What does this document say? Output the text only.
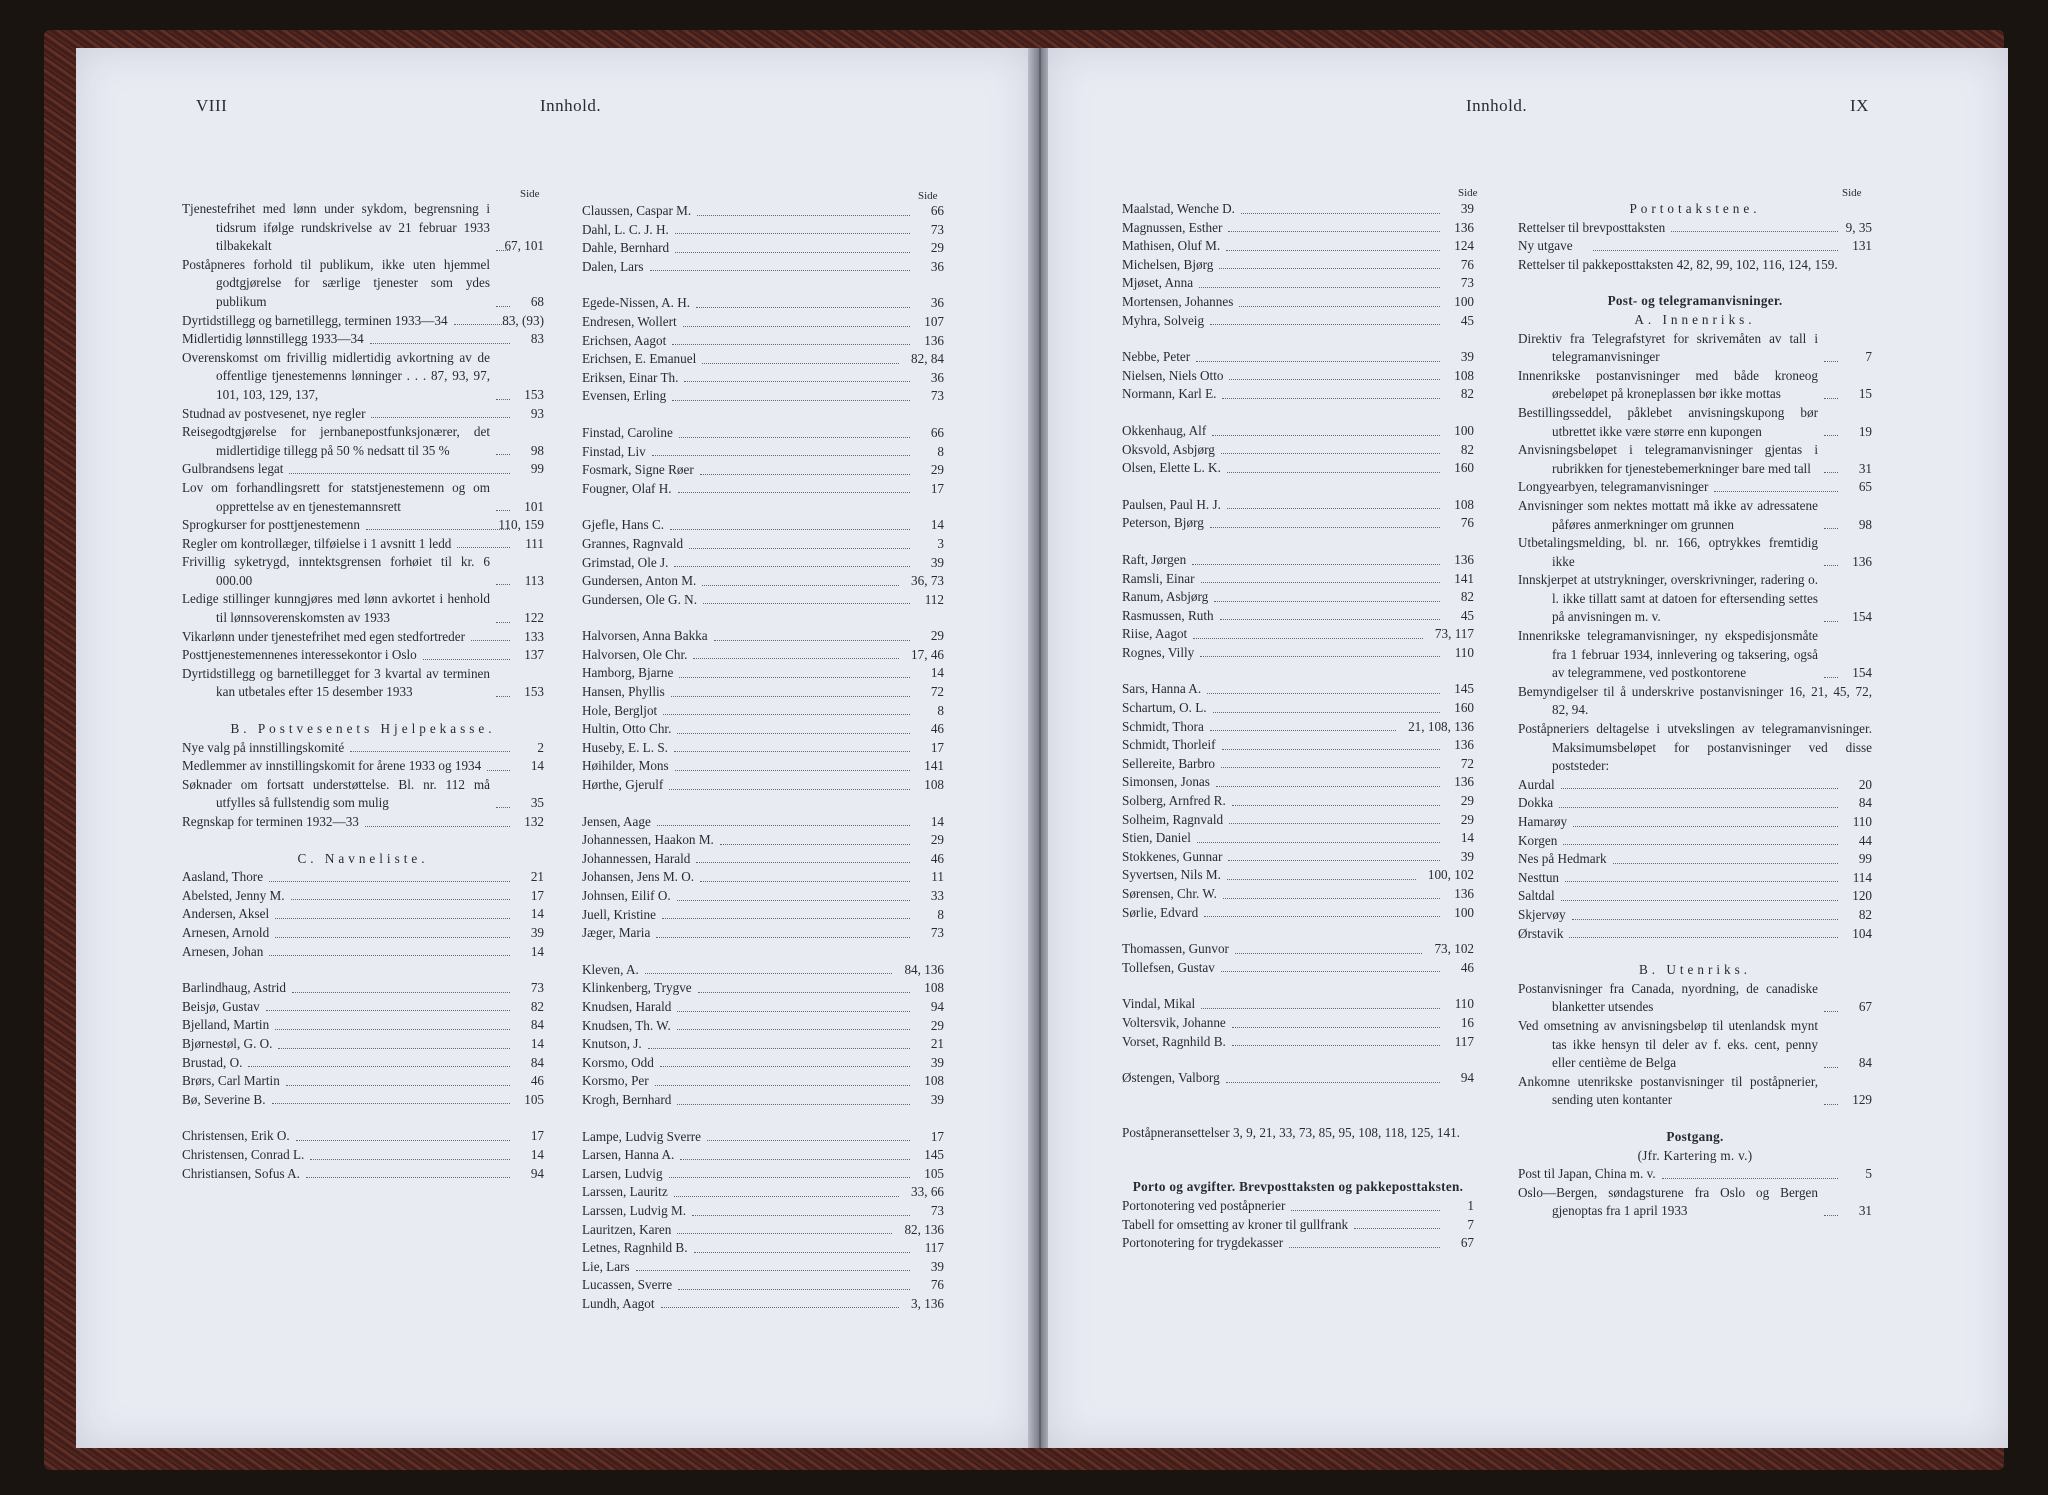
VIII	Innhold.
Side	Side
Tjenestefrihet med lønn under sykdom, begrensning i tidsrum ifølge rundskrivelse av 21 februar 1933 tilbakekalt	67, 101
Poståpneres forhold til publikum, ikke uten hjemmel godtgjørelse for særlige tjenester som ydes publikum	68
Dyrtidstillegg og barnetillegg, terminen 1933—34	83, (93)
Midlertidig lønnstillegg 1933—34	83
Overenskomst om frivillig midlertidig avkortning av de offentlige tjenestemenns lønninger . . . 87, 93, 97, 101, 103, 129, 137,	153
Studnad av postvesenet, nye regler	93
Reisegodtgjørelse for jernbanepostfunksjonærer, det midlertidige tillegg på 50 % nedsatt til 35 %	98
Gulbrandsens legat	99
Lov om forhandlingsrett for statstjenestemenn og om opprettelse av en tjenestemannsrett	101
Sprogkurser for posttjenestemenn	110, 159
Regler om kontrollæger, tilføielse i 1 avsnitt 1 ledd	111
Frivillig syketrygd, inntektsgrensen forhøiet til kr. 6 000.00	113
Ledige stillinger kunngjøres med lønn avkortet i henhold til lønnsoverenskomsten av 1933	122
Vikarlønn under tjenestefrihet med egen stedfortreder	133
Posttjenestemennenes interessekontor i Oslo	137
Dyrtidstillegg og barnetillegget for 3 kvartal av terminen kan utbetales efter 15 desember 1933	153
B. Postvesenets Hjelpekasse.
Nye valg på innstillingskomité	2
Medlemmer av innstillingskomit for årene 1933 og 1934	14
Søknader om fortsatt understøttelse. Bl. nr. 112 må utfylles så fullstendig som mulig	35
Regnskap for terminen 1932—33	132
C. Navneliste.
Aasland, Thore	21
Abelsted, Jenny M.	17
Andersen, Aksel	14
Arnesen, Arnold	39
Arnesen, Johan	14
Barlindhaug, Astrid	73
Beisjø, Gustav	82
Bjelland, Martin	84
Bjørnestøl, G. O.	14
Brustad, O.	84
Brørs, Carl Martin	46
Bø, Severine B.	105
Christensen, Erik O.	17
Christensen, Conrad L.	14
Christiansen, Sofus A.	94
Claussen, Caspar M.	66
Dahl, L. C. J. H.	73
Dahle, Bernhard	29
Dalen, Lars	36
Egede-Nissen, A. H.	36
Endresen, Wollert	107
Erichsen, Aagot	136
Erichsen, E. Emanuel	82, 84
Eriksen, Einar Th.	36
Evensen, Erling	73
Finstad, Caroline	66
Finstad, Liv	8
Fosmark, Signe Røer	29
Fougner, Olaf H.	17
Gjefle, Hans C.	14
Grannes, Ragnvald	3
Grimstad, Ole J.	39
Gundersen, Anton M.	36, 73
Gundersen, Ole G. N.	112
Halvorsen, Anna Bakka	29
Halvorsen, Ole Chr.	17, 46
Hamborg, Bjarne	14
Hansen, Phyllis	72
Hole, Bergljot	8
Hultin, Otto Chr.	46
Huseby, E. L. S.	17
Høihilder, Mons	141
Hørthe, Gjerulf	108
Jensen, Aage	14
Johannessen, Haakon M.	29
Johannessen, Harald	46
Johansen, Jens M. O.	11
Johnsen, Eilif O.	33
Juell, Kristine	8
Jæger, Maria	73
Kleven, A.	84, 136
Klinkenberg, Trygve	108
Knudsen, Harald	94
Knudsen, Th. W.	29
Knutson, J.	21
Korsmo, Odd	39
Korsmo, Per	108
Krogh, Bernhard	39
Lampe, Ludvig Sverre	17
Larsen, Hanna A.	145
Larsen, Ludvig	105
Larssen, Lauritz	33, 66
Larssen, Ludvig M.	73
Lauritzen, Karen	82, 136
Letnes, Ragnhild B.	117
Lie, Lars	39
Lucassen, Sverre	76
Lundh, Aagot	3, 136
Innhold.	IX
Side	Side
Maalstad, Wenche D.	39
Magnussen, Esther	136
Mathisen, Oluf M.	124
Michelsen, Bjørg	76
Mjøset, Anna	73
Mortensen, Johannes	100
Myhra, Solveig	45
Nebbe, Peter	39
Nielsen, Niels Otto	108
Normann, Karl E.	82
Okkenhaug, Alf	100
Oksvold, Asbjørg	82
Olsen, Elette L. K.	160
Paulsen, Paul H. J.	108
Peterson, Bjørg	76
Raft, Jørgen	136
Ramsli, Einar	141
Ranum, Asbjørg	82
Rasmussen, Ruth	45
Riise, Aagot	73, 117
Rognes, Villy	110
Sars, Hanna A.	145
Schartum, O. L.	160
Schmidt, Thora	21, 108, 136
Schmidt, Thorleif	136
Sellereite, Barbro	72
Simonsen, Jonas	136
Solberg, Arnfred R.	29
Solheim, Ragnvald	29
Stien, Daniel	14
Stokkenes, Gunnar	39
Syvertsen, Nils M.	100, 102
Sørensen, Chr. W.	136
Sørlie, Edvard	100
Thomassen, Gunvor	73, 102
Tollefsen, Gustav	46
Vindal, Mikal	110
Voltersvik, Johanne	16
Vorset, Ragnhild B.	117
Østengen, Valborg	94
Poståpneransettelser 3, 9, 21, 33, 73, 85, 95, 108, 118, 125, 141.
Porto og avgifter. Brevposttaksten og pakkeposttaksten.
Portonotering ved poståpnerier	1
Tabell for omsetting av kroner til gullfrank	7
Portonotering for trygdekasser	67
Portotakstene.
Rettelser til brevposttaksten	9, 35
Ny utgave	131
Rettelser til pakkeposttaksten 42, 82, 99, 102, 116, 124, 159.
Post- og telegramanvisninger.
A. Innenriks.
Direktiv fra Telegrafstyret for skrivemåten av tall i telegramanvisninger	7
Innenrikske postanvisninger med både kroneog ørebeløpet på kroneplassen bør ikke mottas	15
Bestillingsseddel, påklebet anvisningskupong bør utbrettet ikke være større enn kupongen	19
Anvisningsbeløpet i telegramanvisninger gjentas i rubrikken for tjenestebemerkninger bare med tall	31
Longyearbyen, telegramanvisninger	65
Anvisninger som nektes mottatt må ikke av adressatene påføres anmerkninger om grunnen	98
Utbetalingsmelding, bl. nr. 166, optrykkes fremtidig ikke	136
Innskjerpet at utstrykninger, overskrivninger, radering o. l. ikke tillatt samt at datoen for eftersending settes på anvisningen m. v.	154
Innenrikske telegramanvisninger, ny ekspedisjonsmåte fra 1 februar 1934, innlevering og taksering, også av telegrammene, ved postkontorene	154
Bemyndigelser til å underskrive postanvisninger 16, 21, 45, 72, 82, 94.
Poståpneriers deltagelse i utvekslingen av telegramanvisninger. Maksimumsbeløpet for postanvisninger ved disse poststeder:
Aurdal	20
Dokka	84
Hamarøy	110
Korgen	44
Nes på Hedmark	99
Nesttun	114
Saltdal	120
Skjervøy	82
Ørstavik	104
B. Utenriks.
Postanvisninger fra Canada, nyordning, de canadiske blanketter utsendes	67
Ved omsetning av anvisningsbeløp til utenlandsk mynt tas ikke hensyn til deler av f. eks. cent, penny eller centième de Belga	84
Ankomne utenrikske postanvisninger til poståpnerier, sending uten kontanter	129
Postgang.
(Jfr. Kartering m. v.)
Post til Japan, China m. v.	5
Oslo—Bergen, søndagsturene fra Oslo og Bergen gjenoptas fra 1 april 1933	31
